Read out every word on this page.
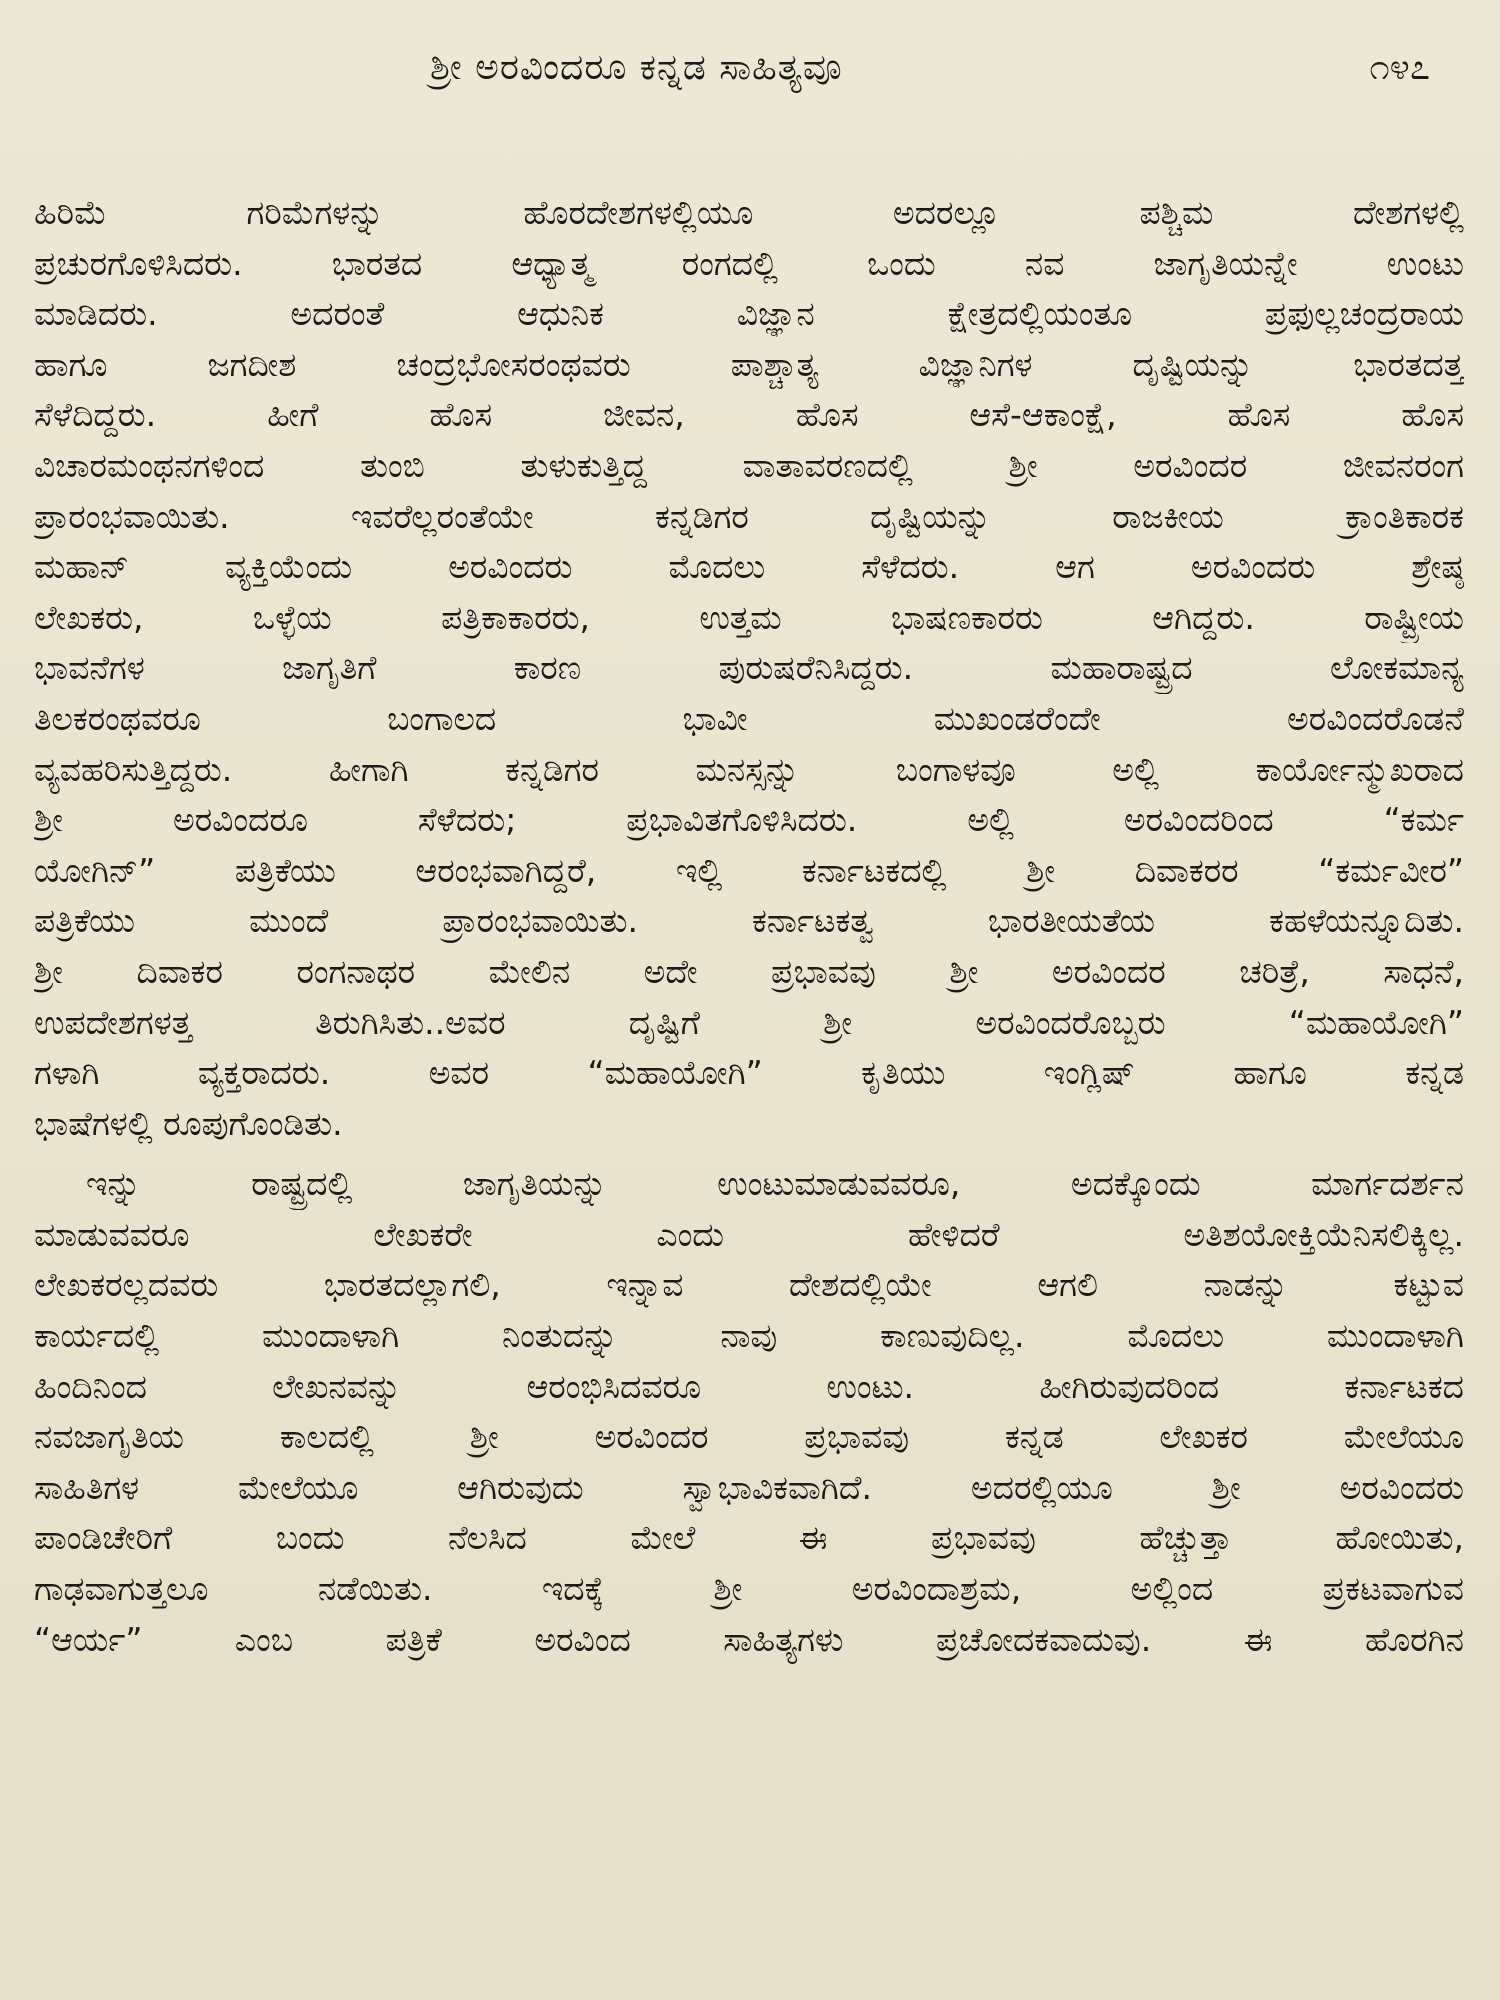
ಶ್ರೀ ಅರವಿಂದರೂ ಕನ್ನಡ ಸಾಹಿತ್ಯವೂ	೧೪೭

ಹಿರಿಮೆ ಗರಿಮೆಗಳನ್ನು ಹೊರದೇಶಗಳಲ್ಲಿಯೂ ಅದರಲ್ಲೂ ಪಶ್ಚಿಮ ದೇಶಗಳಲ್ಲಿ
ಪ್ರಚುರಗೊಳಿಸಿದರು. ಭಾರತದ ಆಧ್ಯಾತ್ಮ ರಂಗದಲ್ಲಿ ಒಂದು ನವ ಜಾಗೃತಿಯನ್ನೇ ಉಂಟು
ಮಾಡಿದರು. ಅದರಂತೆ ಆಧುನಿಕ ವಿಜ್ಞಾನ ಕ್ಷೇತ್ರದಲ್ಲಿಯಂತೂ ಪ್ರಫುಲ್ಲಚಂದ್ರರಾಯ
ಹಾಗೂ ಜಗದೀಶ ಚಂದ್ರಭೋಸರಂಥವರು ಪಾಶ್ಚಾತ್ಯ ವಿಜ್ಞಾನಿಗಳ ದೃಷ್ಟಿಯನ್ನು ಭಾರತದತ್ತ
ಸೆಳೆದಿದ್ದರು. ಹೀಗೆ ಹೊಸ ಜೀವನ, ಹೊಸ ಆಸೆ-ಆಕಾಂಕ್ಷೆ, ಹೊಸ ಹೊಸ
ವಿಚಾರಮಂಥನಗಳಿಂದ ತುಂಬಿ ತುಳುಕುತ್ತಿದ್ದ ವಾತಾವರಣದಲ್ಲಿ ಶ್ರೀ ಅರವಿಂದರ ಜೀವನರಂಗ
ಪ್ರಾರಂಭವಾಯಿತು. ಇವರೆಲ್ಲರಂತೆಯೇ ಕನ್ನಡಿಗರ ದೃಷ್ಟಿಯನ್ನು ರಾಜಕೀಯ ಕ್ರಾಂತಿಕಾರಕ
ಮಹಾನ್ ವ್ಯಕ್ತಿಯೆಂದು ಅರವಿಂದರು ಮೊದಲು ಸೆಳೆದರು. ಆಗ ಅರವಿಂದರು ಶ್ರೇಷ್ಠ
ಲೇಖಕರು, ಒಳ್ಳೆಯ ಪತ್ರಿಕಾಕಾರರು, ಉತ್ತಮ ಭಾಷಣಕಾರರು ಆಗಿದ್ದರು. ರಾಷ್ಟ್ರೀಯ
ಭಾವನೆಗಳ ಜಾಗೃತಿಗೆ ಕಾರಣ ಪುರುಷರೆನಿಸಿದ್ದರು. ಮಹಾರಾಷ್ಟ್ರದ ಲೋಕಮಾನ್ಯ
ತಿಲಕರಂಥವರೂ ಬಂಗಾಲದ ಭಾವೀ ಮುಖಂಡರೆಂದೇ ಅರವಿಂದರೊಡನೆ
ವ್ಯವಹರಿಸುತ್ತಿದ್ದರು. ಹೀಗಾಗಿ ಕನ್ನಡಿಗರ ಮನಸ್ಸನ್ನು ಬಂಗಾಳವೂ ಅಲ್ಲಿ ಕಾರ್ಯೋನ್ಮುಖರಾದ
ಶ್ರೀ ಅರವಿಂದರೂ ಸೆಳೆದರು; ಪ್ರಭಾವಿತಗೊಳಿಸಿದರು. ಅಲ್ಲಿ ಅರವಿಂದರಿಂದ “ಕರ್ಮ
ಯೋಗಿನ್” ಪತ್ರಿಕೆಯು ಆರಂಭವಾಗಿದ್ದರೆ, ಇಲ್ಲಿ ಕರ್ನಾಟಕದಲ್ಲಿ ಶ್ರೀ ದಿವಾಕರರ “ಕರ್ಮವೀರ”
ಪತ್ರಿಕೆಯು ಮುಂದೆ ಪ್ರಾರಂಭವಾಯಿತು. ಕರ್ನಾಟಕತ್ವ ಭಾರತೀಯತೆಯ ಕಹಳೆಯನ್ನೂದಿತು.
ಶ್ರೀ ದಿವಾಕರ ರಂಗನಾಥರ ಮೇಲಿನ ಅದೇ ಪ್ರಭಾವವು ಶ್ರೀ ಅರವಿಂದರ ಚರಿತ್ರೆ, ಸಾಧನೆ,
ಉಪದೇಶಗಳತ್ತ ತಿರುಗಿಸಿತು..ಅವರ ದೃಷ್ಟಿಗೆ ಶ್ರೀ ಅರವಿಂದರೊಬ್ಬರು “ಮಹಾಯೋಗಿ”
ಗಳಾಗಿ ವ್ಯಕ್ತರಾದರು. ಅವರ “ಮಹಾಯೋಗಿ” ಕೃತಿಯು ಇಂಗ್ಲಿಷ್ ಹಾಗೂ ಕನ್ನಡ
ಭಾಷೆಗಳಲ್ಲಿ ರೂಪುಗೊಂಡಿತು.

ಇನ್ನು ರಾಷ್ಟ್ರದಲ್ಲಿ ಜಾಗೃತಿಯನ್ನು ಉಂಟುಮಾಡುವವರೂ, ಅದಕ್ಕೊಂದು ಮಾರ್ಗದರ್ಶನ
ಮಾಡುವವರೂ ಲೇಖಕರೇ ಎಂದು ಹೇಳಿದರೆ ಅತಿಶಯೋಕ್ತಿಯೆನಿಸಲಿಕ್ಕಿಲ್ಲ.
ಲೇಖಕರಲ್ಲದವರು ಭಾರತದಲ್ಲಾಗಲಿ, ಇನ್ನಾವ ದೇಶದಲ್ಲಿಯೇ ಆಗಲಿ ನಾಡನ್ನು ಕಟ್ಟುವ
ಕಾರ್ಯದಲ್ಲಿ ಮುಂದಾಳಾಗಿ ನಿಂತುದನ್ನು ನಾವು ಕಾಣುವುದಿಲ್ಲ. ಮೊದಲು ಮುಂದಾಳಾಗಿ
ಹಿಂದಿನಿಂದ ಲೇಖನವನ್ನು ಆರಂಭಿಸಿದವರೂ ಉಂಟು. ಹೀಗಿರುವುದರಿಂದ ಕರ್ನಾಟಕದ
ನವಜಾಗೃತಿಯ ಕಾಲದಲ್ಲಿ ಶ್ರೀ ಅರವಿಂದರ ಪ್ರಭಾವವು ಕನ್ನಡ ಲೇಖಕರ ಮೇಲೆಯೂ
ಸಾಹಿತಿಗಳ ಮೇಲೆಯೂ ಆಗಿರುವುದು ಸ್ವಾಭಾವಿಕವಾಗಿದೆ. ಅದರಲ್ಲಿಯೂ ಶ್ರೀ ಅರವಿಂದರು
ಪಾಂಡಿಚೇರಿಗೆ ಬಂದು ನೆಲಸಿದ ಮೇಲೆ ಈ ಪ್ರಭಾವವು ಹೆಚ್ಚುತ್ತಾ ಹೋಯಿತು,
ಗಾಢವಾಗುತ್ತಲೂ ನಡೆಯಿತು. ಇದಕ್ಕೆ ಶ್ರೀ ಅರವಿಂದಾಶ್ರಮ, ಅಲ್ಲಿಂದ ಪ್ರಕಟವಾಗುವ
“ಆರ್ಯ” ಎಂಬ ಪತ್ರಿಕೆ ಅರವಿಂದ ಸಾಹಿತ್ಯಗಳು ಪ್ರಚೋದಕವಾದುವು. ಈ ಹೊರಗಿನ
